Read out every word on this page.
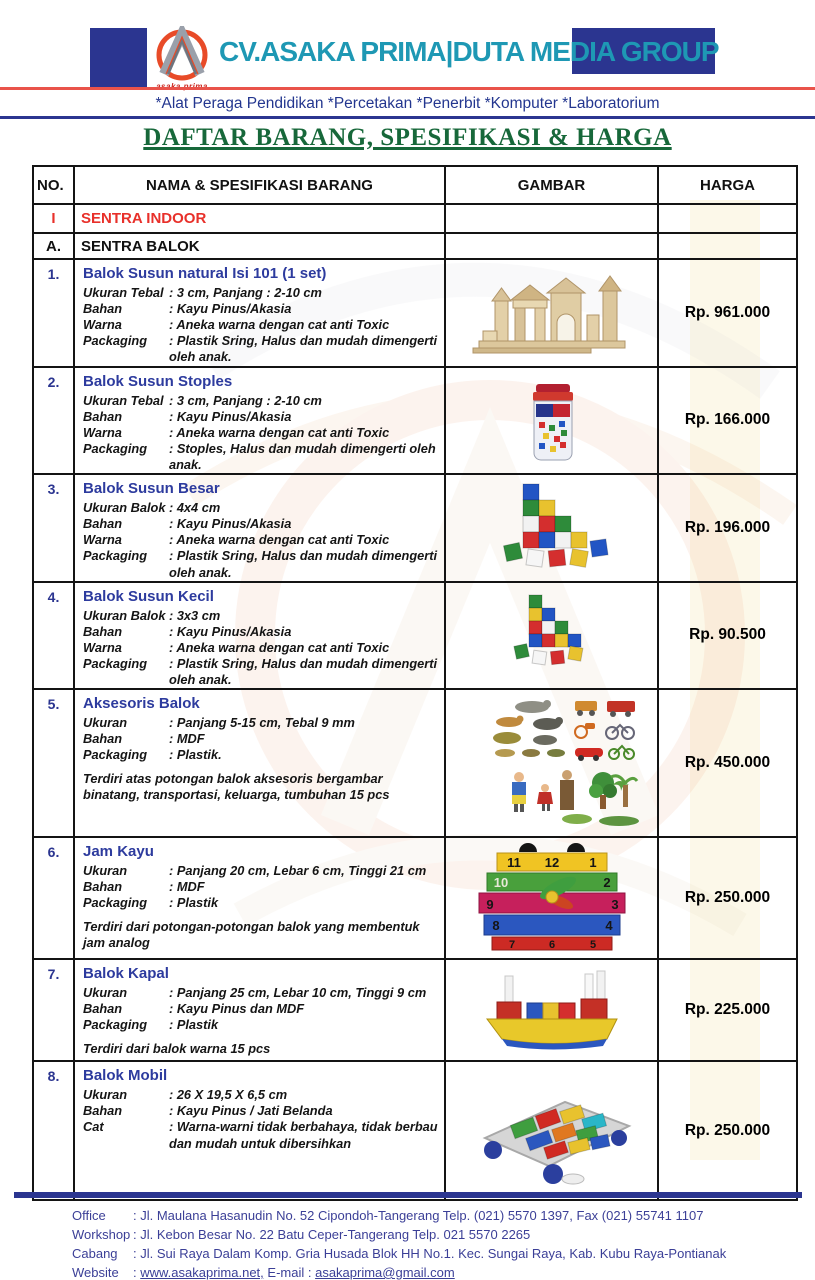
CV.ASAKA PRIMA|DUTA MEDIA GROUP
*Alat Peraga Pendidikan *Percetakan *Penerbit *Komputer *Laboratorium
DAFTAR BARANG, SPESIFIKASI & HARGA
NO.	NAMA & SPESIFIKASI BARANG	GAMBAR	HARGA
I	SENTRA INDOOR		
A.	SENTRA BALOK		

1.	Balok Susun natural Isi 101 (1 set)
Ukuran Tebal : 3 cm, Panjang : 2-10 cm
Bahan	: Kayu Pinus/Akasia
Warna	: Aneka warna dengan cat anti Toxic
Packaging	: Plastik Sring, Halus dan mudah dimengerti oleh anak.

Rp. 961.000

2.	Balok Susun Stoples
Ukuran Tebal : 3 cm, Panjang : 2-10 cm
Bahan	: Kayu Pinus/Akasia
Warna	: Aneka warna dengan cat anti Toxic
Packaging	: Stoples, Halus dan mudah dimengerti oleh anak.

Rp. 166.000

3.	Balok Susun Besar
Ukuran Balok : 4x4 cm
Bahan	: Kayu Pinus/Akasia
Warna	: Aneka warna dengan cat anti Toxic
Packaging	: Plastik Sring, Halus dan mudah dimengerti oleh anak.

Rp. 196.000

4.	Balok Susun Kecil
Ukuran Balok : 3x3 cm
Bahan	: Kayu Pinus/Akasia
Warna	: Aneka warna dengan cat anti Toxic
Packaging	: Plastik Sring, Halus dan mudah dimengerti oleh anak.

Rp. 90.500

5.	Aksesoris Balok
Ukuran	: Panjang 5-15 cm, Tebal 9 mm
Bahan	: MDF
Packaging	: Plastik.
Terdiri atas potongan balok aksesoris bergambar binatang, transportasi, keluarga, tumbuhan 15 pcs

Rp. 450.000

6.	Jam Kayu
Ukuran	: Panjang 20 cm, Lebar 6 cm, Tinggi 21 cm
Bahan	: MDF
Packaging	: Plastik
Terdiri dari potongan-potongan balok yang membentuk jam analog

11 12 1
10	2
9	3
8	4
7	6	5

Rp. 250.000

7.	Balok Kapal
Ukuran	: Panjang 25 cm, Lebar 10 cm, Tinggi 9 cm
Bahan	: Kayu Pinus dan MDF
Packaging	: Plastik
Terdiri dari balok warna 15 pcs

Rp. 225.000

8.	Balok Mobil
Ukuran	: 26 X 19,5 X 6,5 cm
Bahan	: Kayu Pinus / Jati Belanda
Cat	: Warna-warni tidak berbahaya, tidak berbau dan mudah untuk dibersihkan

Rp. 250.000
Office	: Jl. Maulana Hasanudin No. 52 Cipondoh-Tangerang Telp. (021) 5570 1397, Fax (021) 55741 1107
Workshop : Jl. Kebon Besar No. 22 Batu Ceper-Tangerang Telp. 021 5570 2265
Cabang	: Jl. Sui Raya Dalam Komp. Gria Husada Blok HH No.1. Kec. Sungai Raya, Kab. Kubu Raya-Pontianak
Website	: www.asakaprima.net, E-mail : asakaprima@gmail.com
